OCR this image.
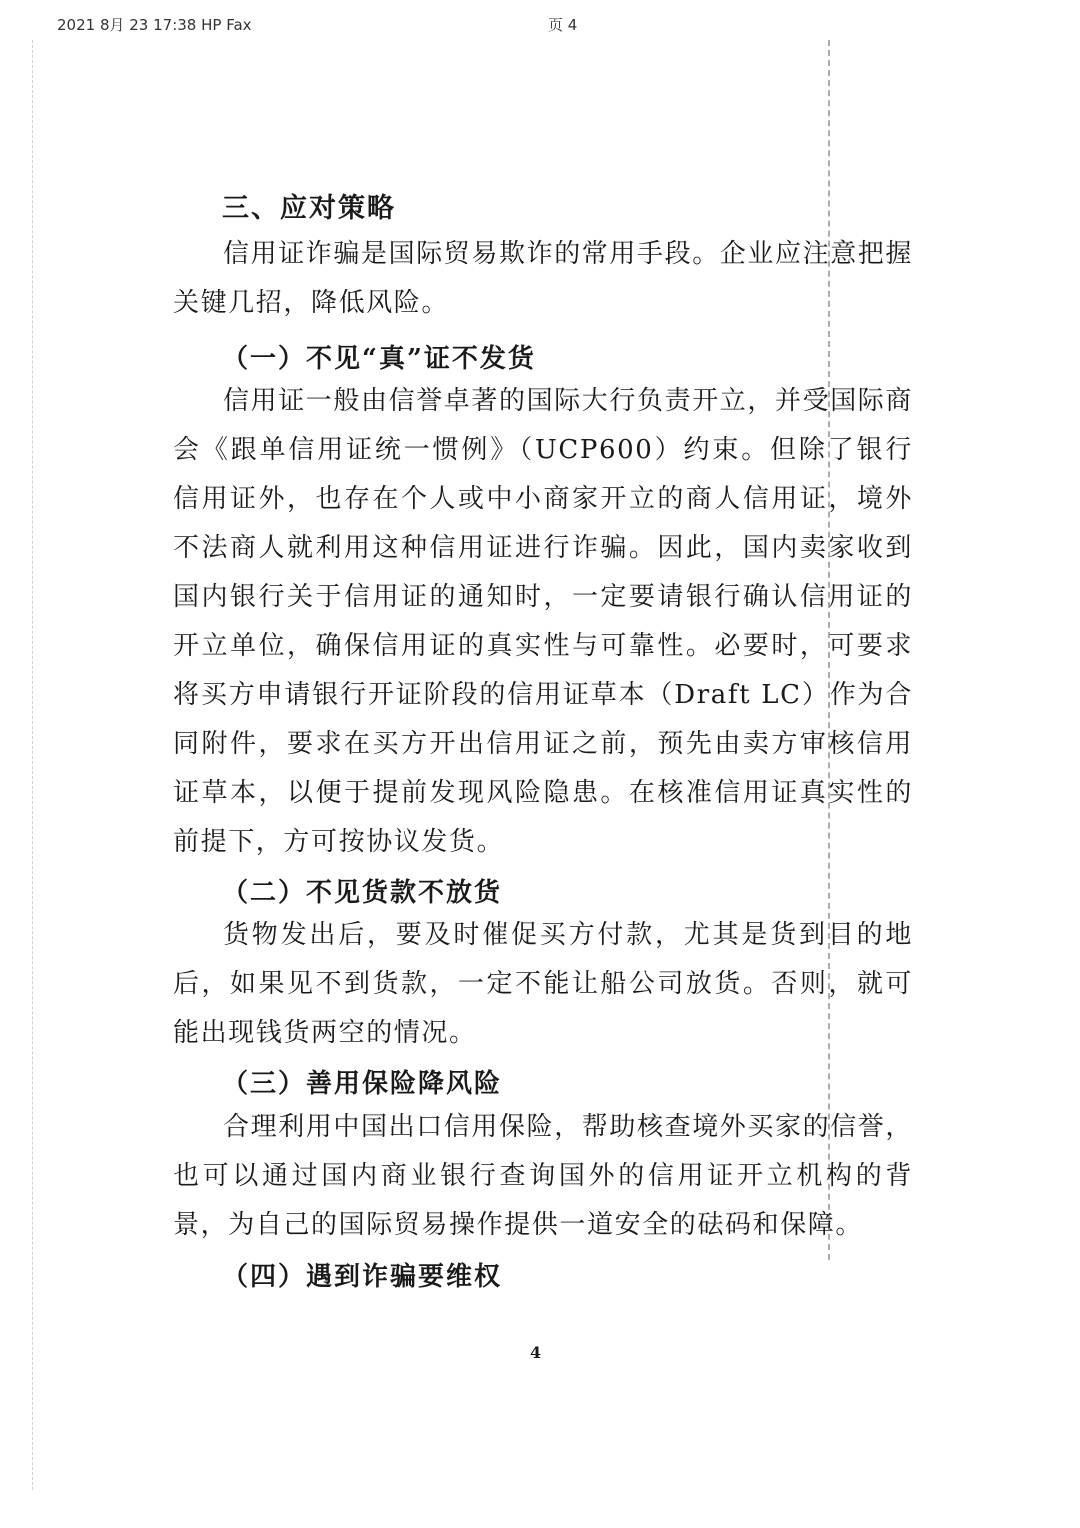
2021 8月 23 17:38 HP Fax	页 4
三、应对策略

信用证诈骗是国际贸易欺诈的常用手段。企业应注意把握关键几招，降低风险。

（一）不见“真”证不发货

信用证一般由信誉卓著的国际大行负责开立，并受国际商会《跟单信用证统一惯例》（UCP600）约束。但除了银行信用证外，也存在个人或中小商家开立的商人信用证，境外不法商人就利用这种信用证进行诈骗。因此，国内卖家收到国内银行关于信用证的通知时，一定要请银行确认信用证的开立单位，确保信用证的真实性与可靠性。必要时，可要求将买方申请银行开证阶段的信用证草本（Draft LC）作为合同附件，要求在买方开出信用证之前，预先由卖方审核信用证草本，以便于提前发现风险隐患。在核准信用证真实性的前提下，方可按协议发货。

（二）不见货款不放货

货物发出后，要及时催促买方付款，尤其是货到目的地后，如果见不到货款，一定不能让船公司放货。否则，就可能出现钱货两空的情况。

（三）善用保险降风险

合理利用中国出口信用保险，帮助核查境外买家的信誉，也可以通过国内商业银行查询国外的信用证开立机构的背景，为自己的国际贸易操作提供一道安全的砝码和保障。

（四）遇到诈骗要维权
4
